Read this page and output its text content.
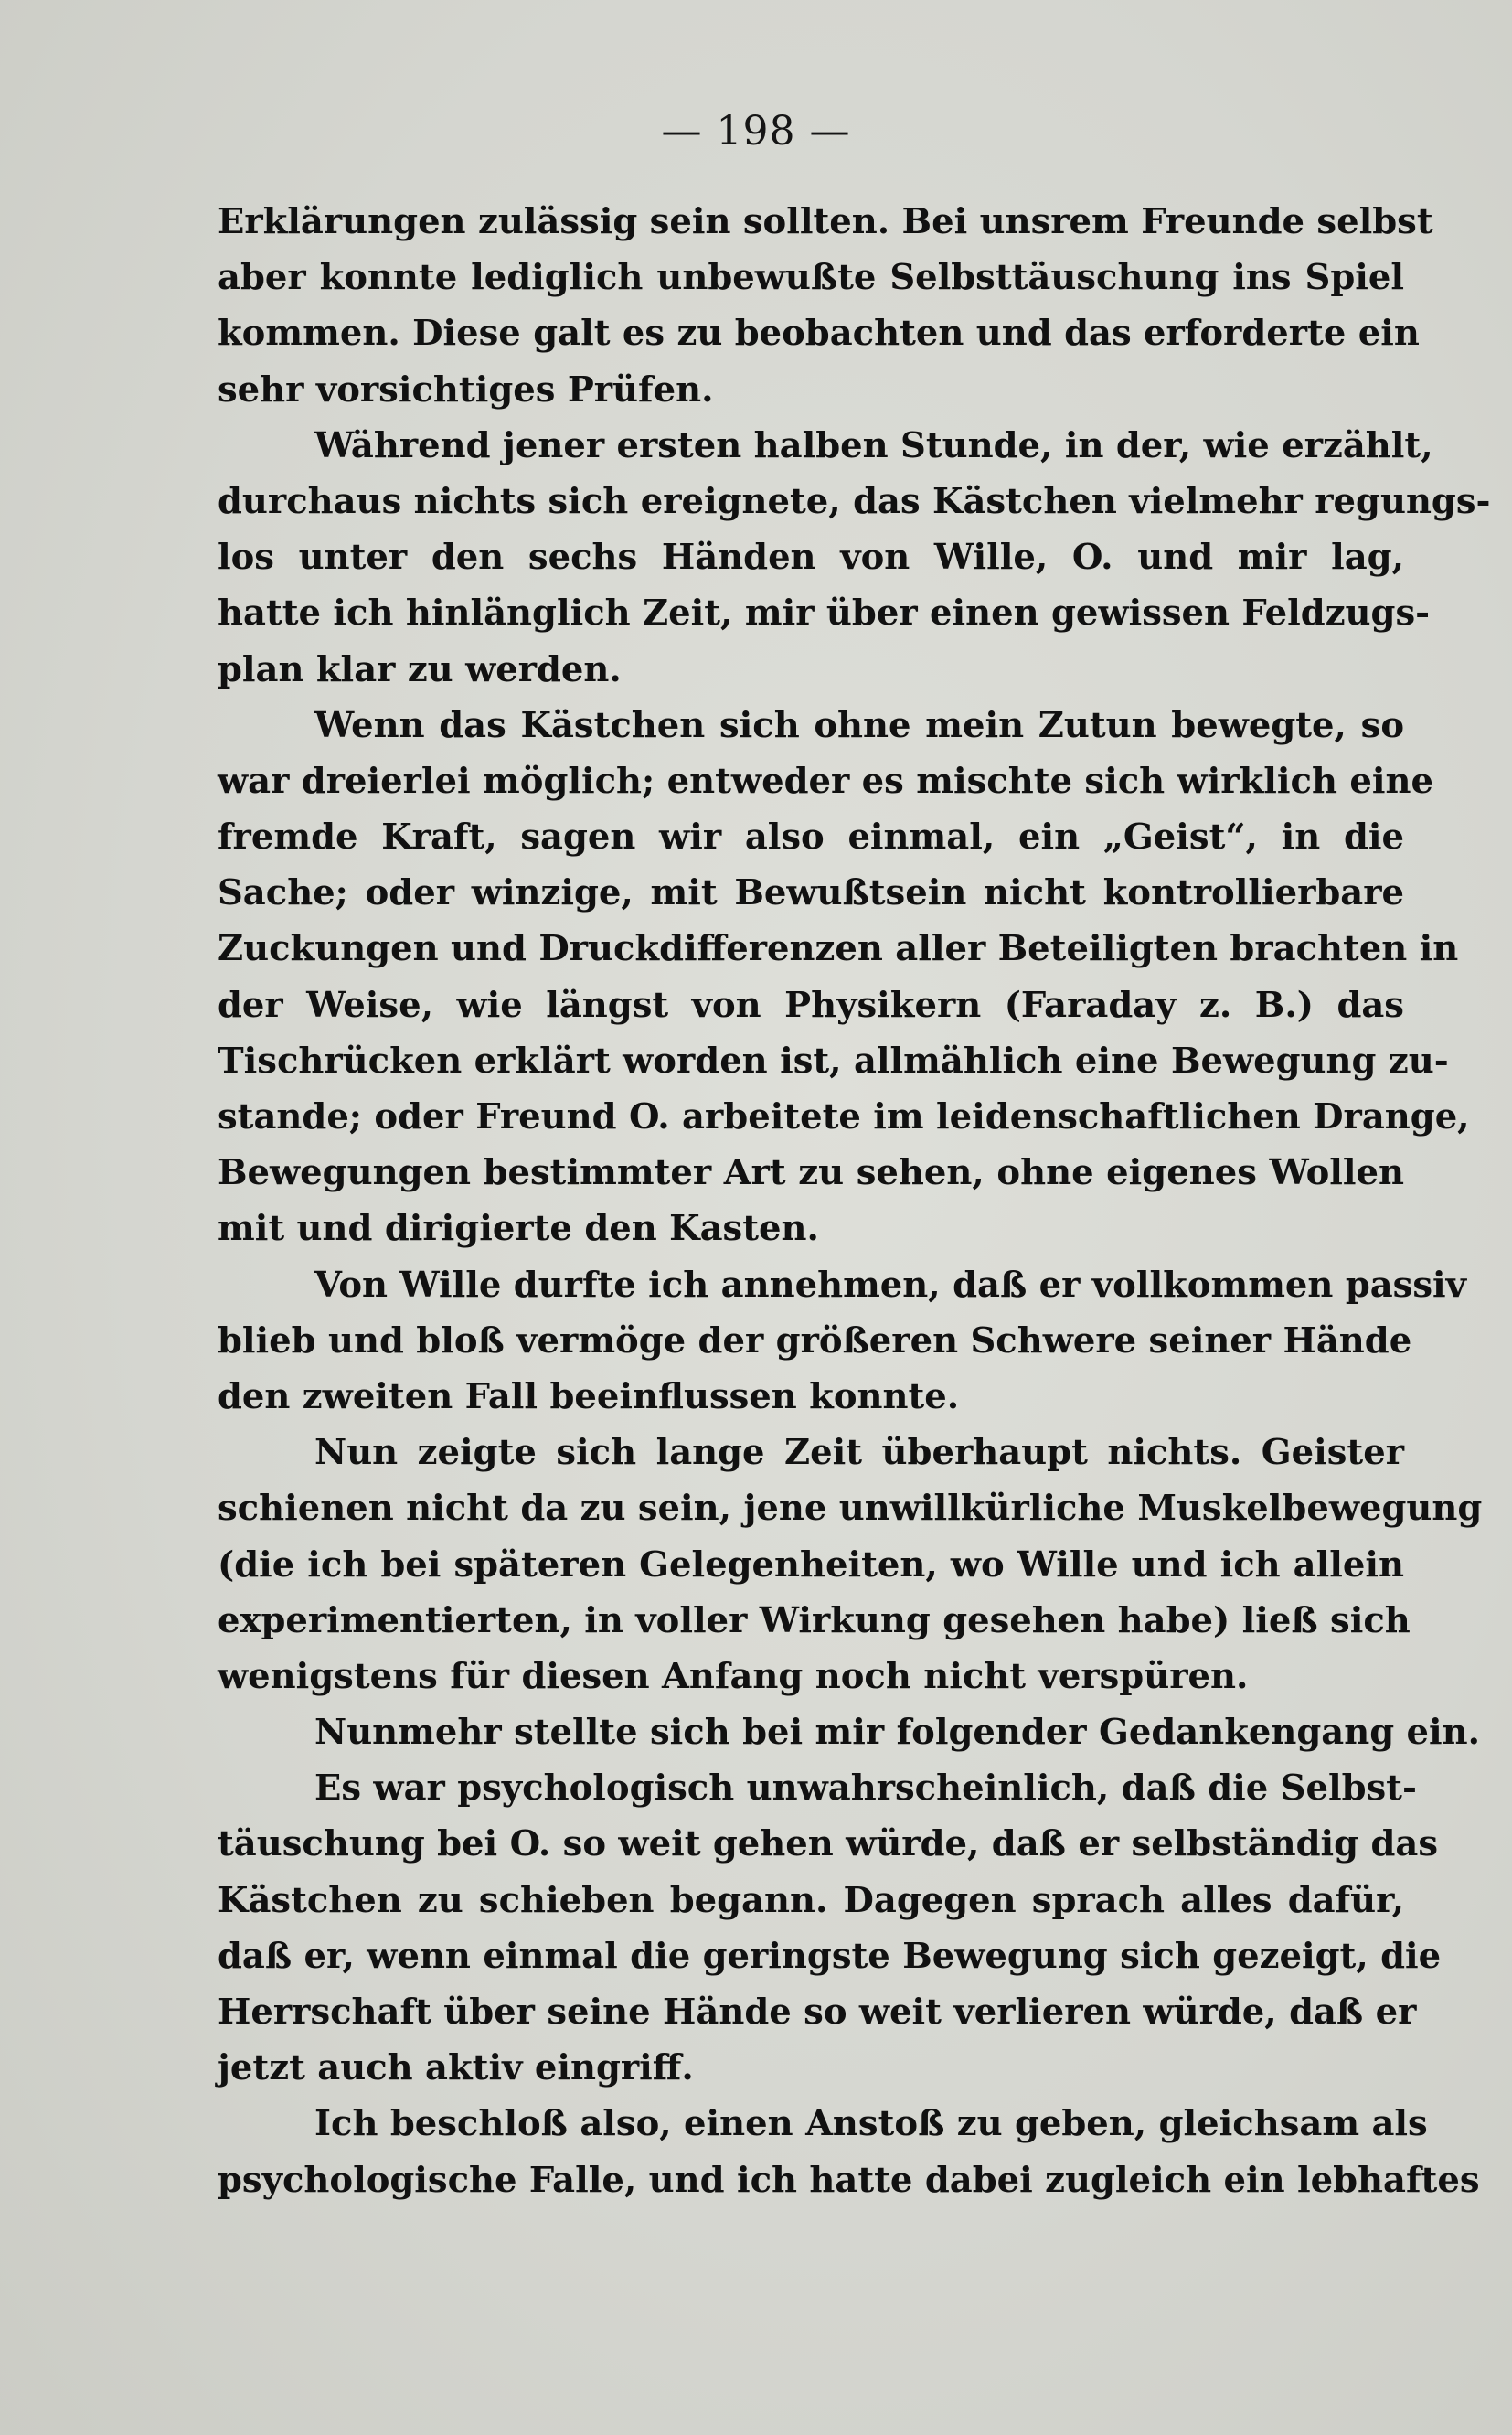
— 198 —
Erklärungen zulässig sein sollten. Bei unsrem Freunde selbst
aber konnte lediglich unbewußte Selbsttäuschung ins Spiel
kommen. Diese galt es zu beobachten und das erforderte ein
sehr vorsichtiges Prüfen.
Während jener ersten halben Stunde, in der, wie erzählt,
durchaus nichts sich ereignete, das Kästchen vielmehr regungs-
los unter den sechs Händen von Wille, O. und mir lag,
hatte ich hinlänglich Zeit, mir über einen gewissen Feldzugs-
plan klar zu werden.
Wenn das Kästchen sich ohne mein Zutun bewegte, so
war dreierlei möglich; entweder es mischte sich wirklich eine
fremde Kraft, sagen wir also einmal, ein „Geist“, in die
Sache; oder winzige, mit Bewußtsein nicht kontrollierbare
Zuckungen und Druckdifferenzen aller Beteiligten brachten in
der Weise, wie längst von Physikern (Faraday z. B.) das
Tischrücken erklärt worden ist, allmählich eine Bewegung zu-
stande; oder Freund O. arbeitete im leidenschaftlichen Drange,
Bewegungen bestimmter Art zu sehen, ohne eigenes Wollen
mit und dirigierte den Kasten.
Von Wille durfte ich annehmen, daß er vollkommen passiv
blieb und bloß vermöge der größeren Schwere seiner Hände
den zweiten Fall beeinflussen konnte.
Nun zeigte sich lange Zeit überhaupt nichts. Geister
schienen nicht da zu sein, jene unwillkürliche Muskelbewegung
(die ich bei späteren Gelegenheiten, wo Wille und ich allein
experimentierten, in voller Wirkung gesehen habe) ließ sich
wenigstens für diesen Anfang noch nicht verspüren.
Nunmehr stellte sich bei mir folgender Gedankengang ein.
Es war psychologisch unwahrscheinlich, daß die Selbst-
täuschung bei O. so weit gehen würde, daß er selbständig das
Kästchen zu schieben begann. Dagegen sprach alles dafür,
daß er, wenn einmal die geringste Bewegung sich gezeigt, die
Herrschaft über seine Hände so weit verlieren würde, daß er
jetzt auch aktiv eingriff.
Ich beschloß also, einen Anstoß zu geben, gleichsam als
psychologische Falle, und ich hatte dabei zugleich ein lebhaftes
